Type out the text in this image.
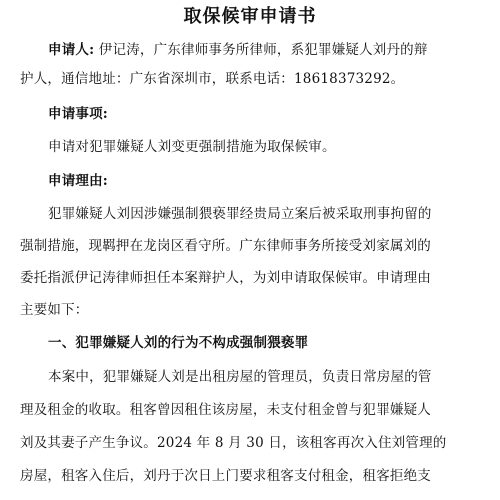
取保候审申请书
申请人: 伊记涛，广东律师事务所律师，系犯罪嫌疑人刘丹的辩
护人，通信地址：广东省深圳市，联系电话：18618373292。
申请事项:
申请对犯罪嫌疑人刘变更强制措施为取保候审。
申请理由:
犯罪嫌疑人刘因涉嫌强制猥亵罪经贵局立案后被采取刑事拘留的
强制措施，现羁押在龙岗区看守所。广东律师事务所接受刘家属刘的
委托指派伊记涛律师担任本案辩护人，为刘申请取保候审。申请理由
主要如下：
一、犯罪嫌疑人刘的行为不构成强制猥亵罪
本案中，犯罪嫌疑人刘是出租房屋的管理员，负责日常房屋的管
理及租金的收取。租客曾因租住该房屋，未支付租金曾与犯罪嫌疑人
刘及其妻子产生争议。2024 年 8 月 30 日，该租客再次入住刘管理的
房屋，租客入住后，刘丹于次日上门要求租客支付租金，租客拒绝支
